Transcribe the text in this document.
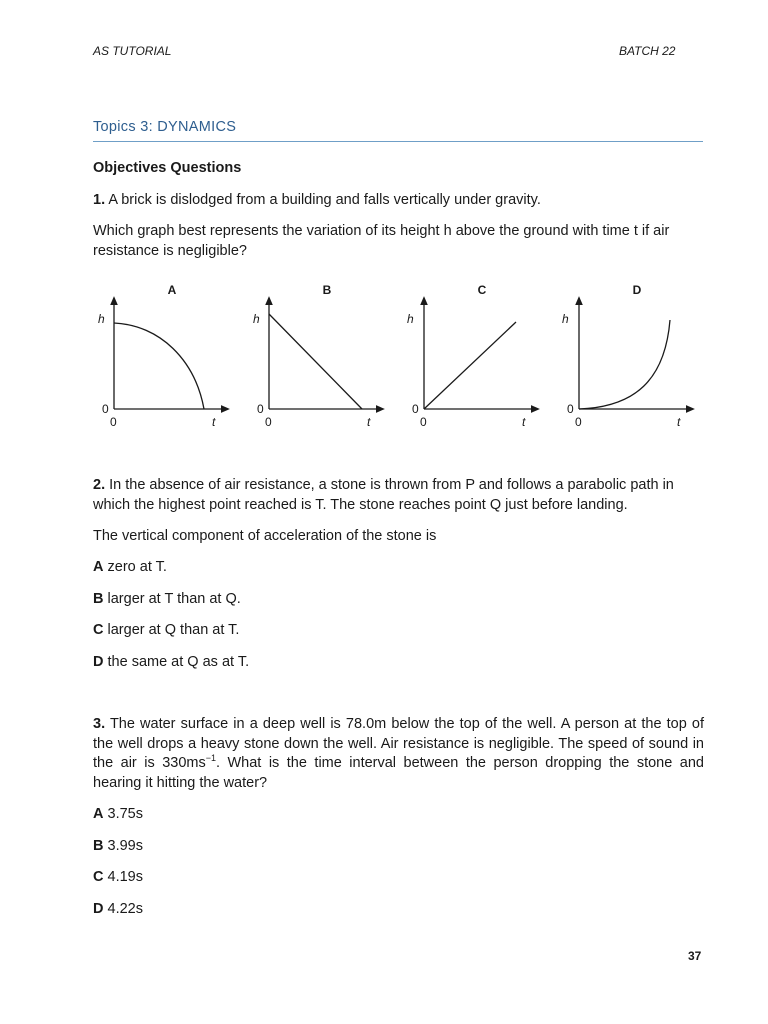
AS TUTORIAL	BATCH 22
Topics 3: DYNAMICS
Objectives Questions
1. A brick is dislodged from a building and falls vertically under gravity.
Which graph best represents the variation of its height h above the ground with time t if air resistance is negligible?
A
h
0
0	t
B
h
0
0	t
C
h
0
0	t
D
h
0
0	t
2. In the absence of air resistance, a stone is thrown from P and follows a parabolic path in which the highest point reached is T. The stone reaches point Q just before landing.
The vertical component of acceleration of the stone is
A zero at T.
B larger at T than at Q.
C larger at Q than at T.
D the same at Q as at T.
3. The water surface in a deep well is 78.0m below the top of the well. A person at the top of the well drops a heavy stone down the well. Air resistance is negligible. The speed of sound in the air is $330ms^{-1}$. What is the time interval between the person dropping the stone and hearing it hitting the water?
A 3.75s
B 3.99s
C 4.19s
D 4.22s
37
